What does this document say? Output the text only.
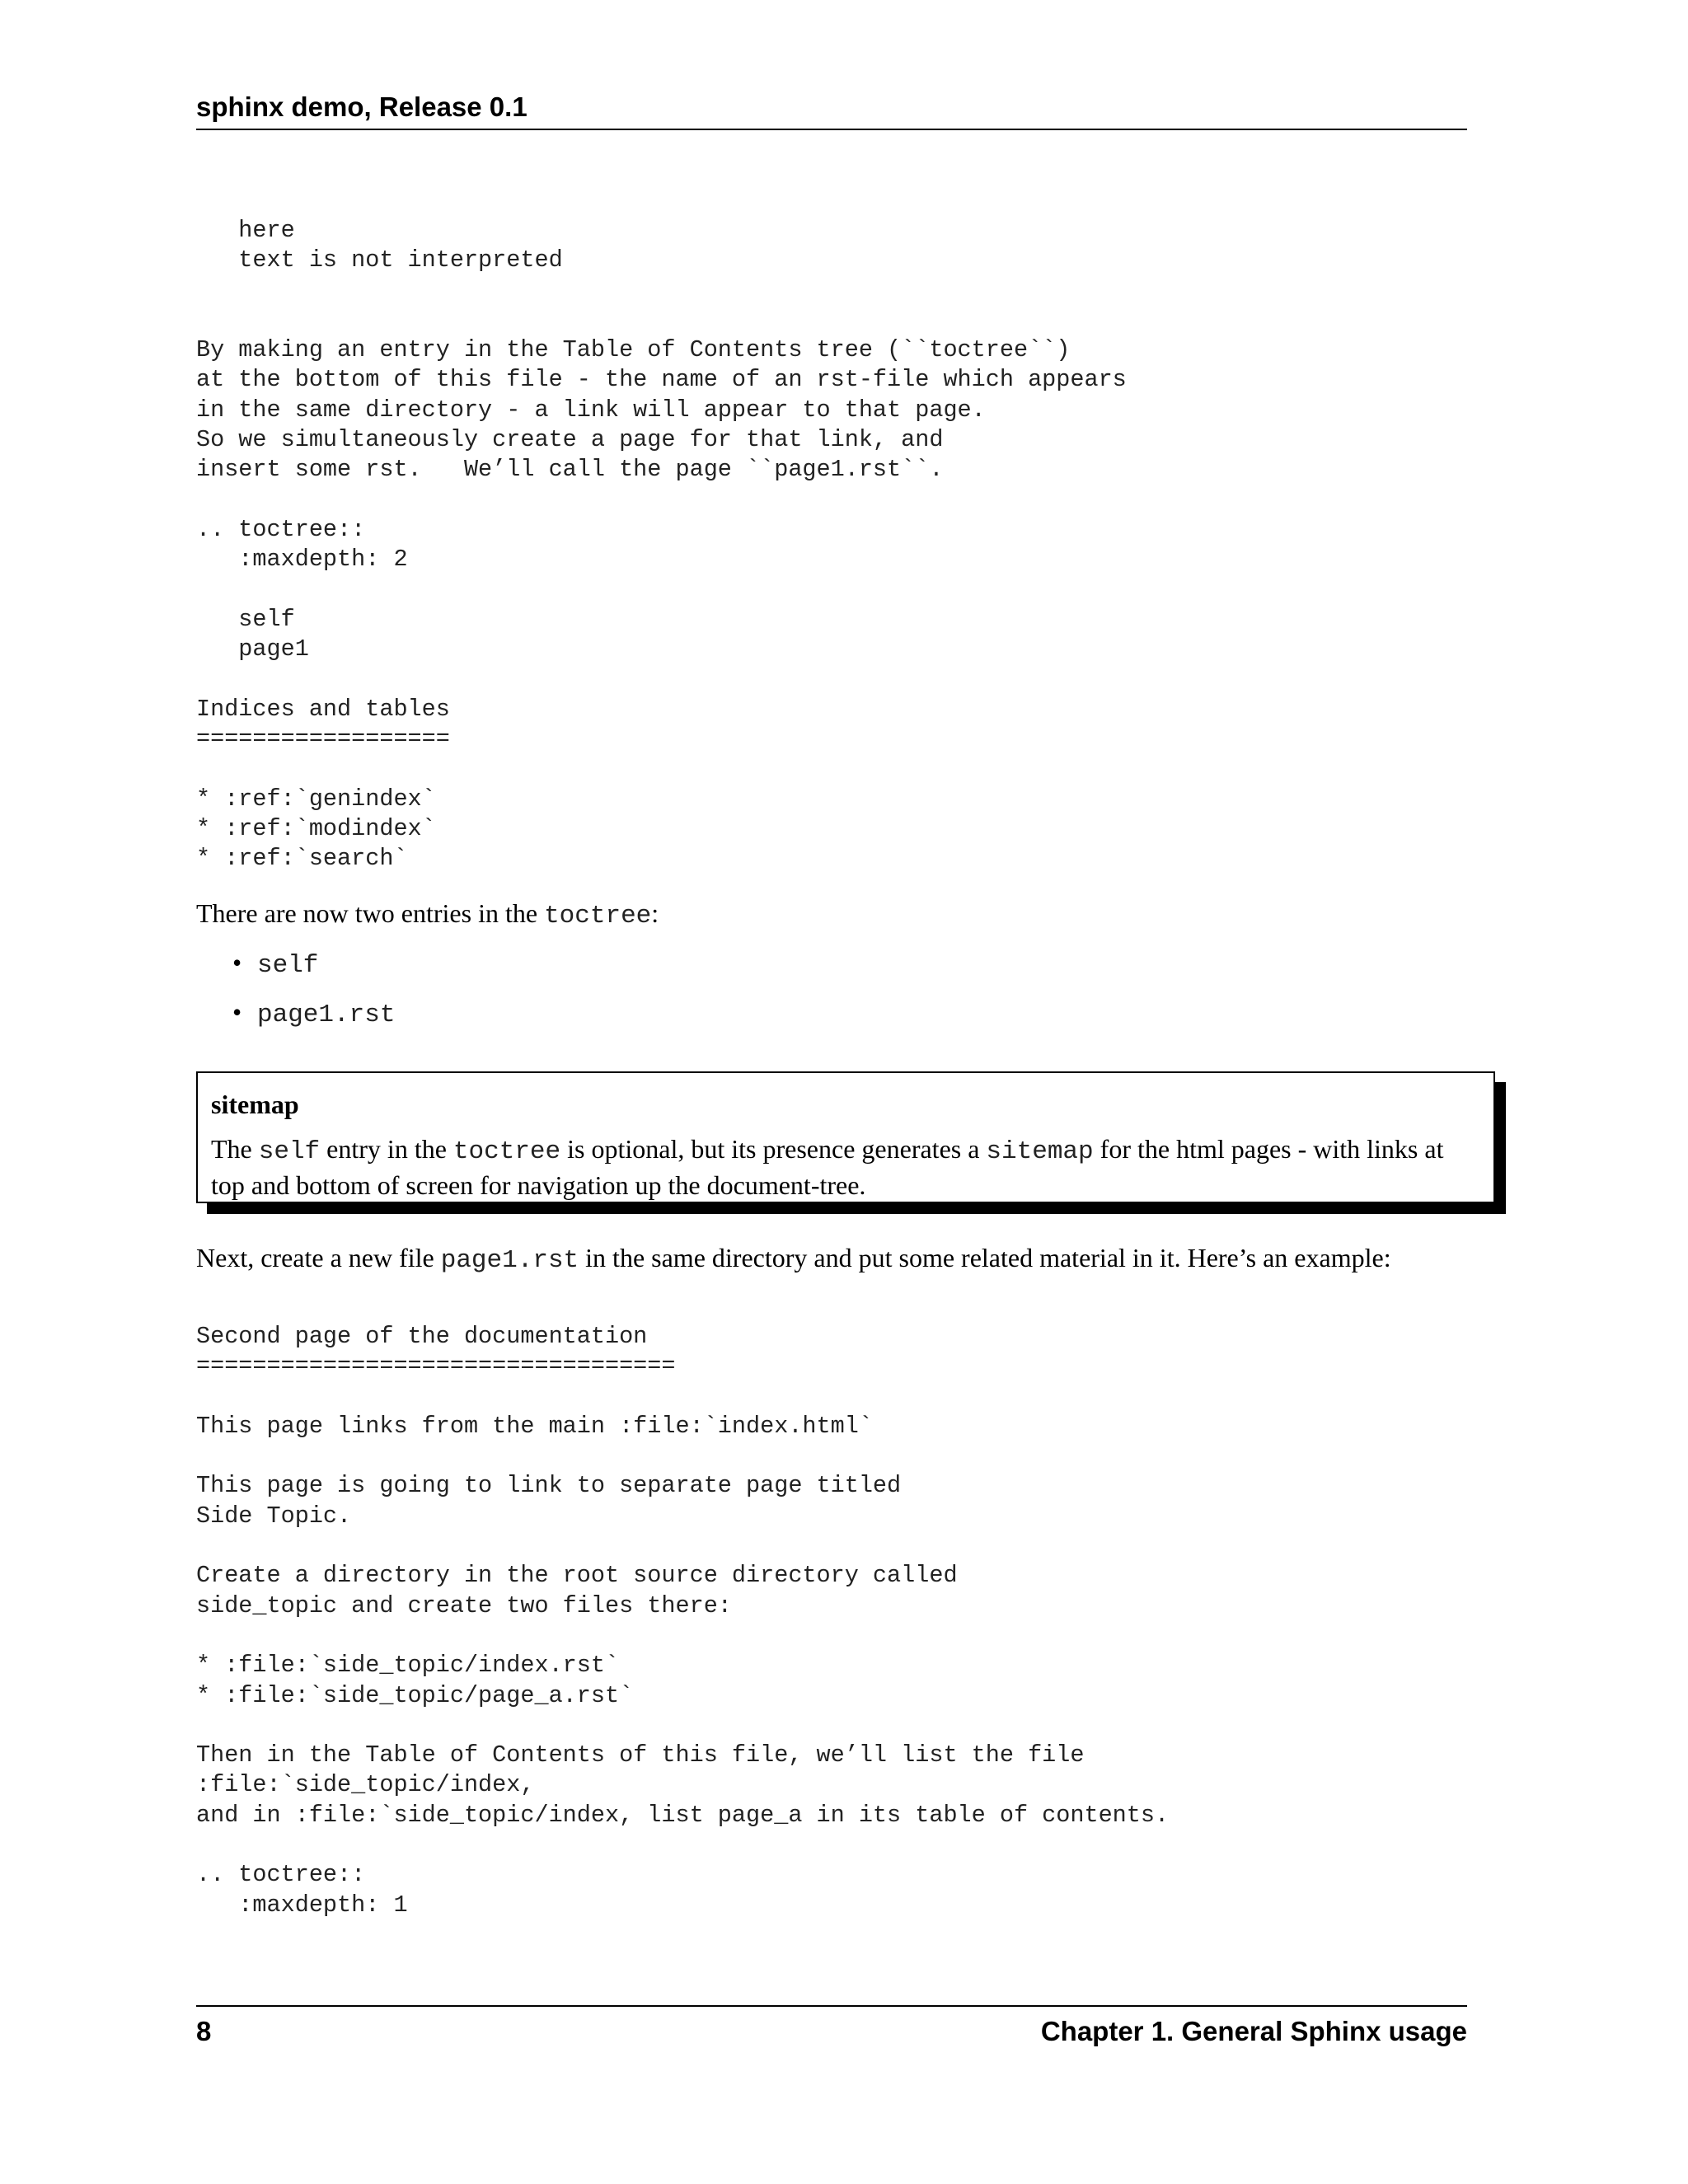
sphinx demo, Release 0.1
here
text is not interpreted

By making an entry in the Table of Contents tree (``toctree``)
at the bottom of this file - the name of an rst-file which appears
in the same directory - a link will appear to that page.
So we simultaneously create a page for that link, and
insert some rst.   We’ll call the page ``page1.rst``.

.. toctree::
:maxdepth: 2

self
page1

Indices and tables
==================

* :ref:`genindex`
* :ref:`modindex`
* :ref:`search`
There are now two entries in the toctree:
• self
• page1.rst
sitemap
The self entry in the toctree is optional, but its presence generates a sitemap for the html pages - with links at top and bottom of screen for navigation up the document-tree.
Next, create a new file page1.rst in the same directory and put some related material in it. Here’s an example:
Second page of the documentation
==================================

This page links from the main :file:`index.html`

This page is going to link to separate page titled
Side Topic.

Create a directory in the root source directory called
side_topic and create two files there:

* :file:`side_topic/index.rst`
* :file:`side_topic/page_a.rst`

Then in the Table of Contents of this file, we’ll list the file
:file:`side_topic/index,
and in :file:`side_topic/index, list page_a in its table of contents.

.. toctree::
:maxdepth: 1
8	Chapter 1. General Sphinx usage
